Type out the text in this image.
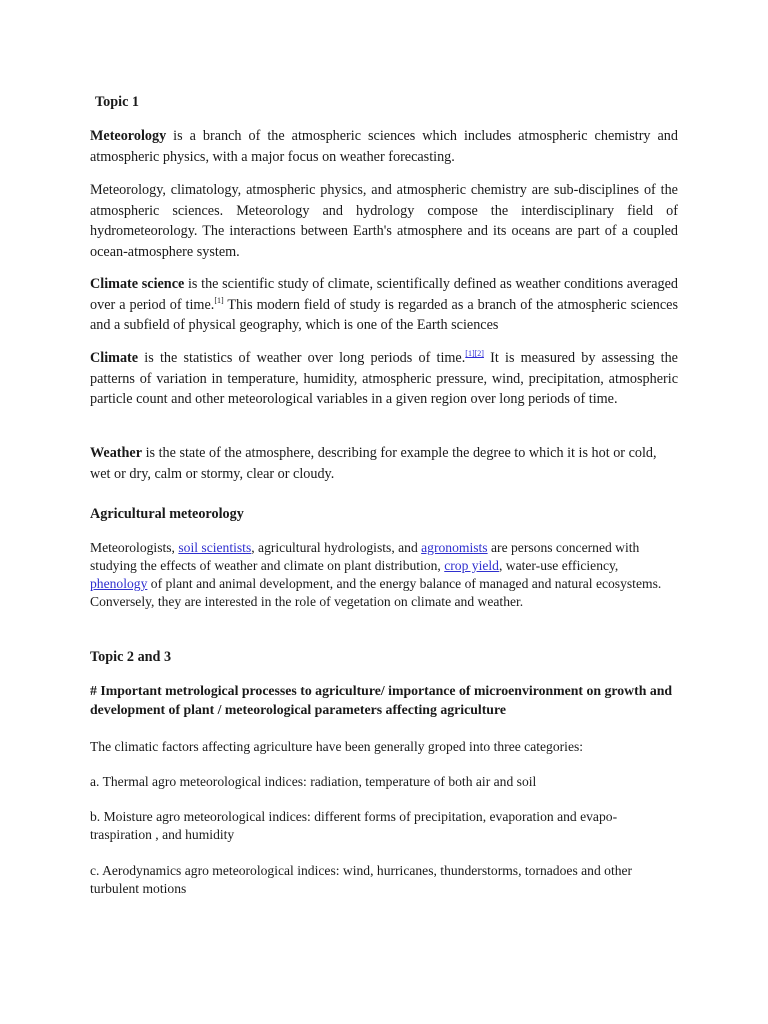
Topic 1

Meteorology is a branch of the atmospheric sciences which includes atmospheric chemistry and atmospheric physics, with a major focus on weather forecasting.

Meteorology, climatology, atmospheric physics, and atmospheric chemistry are sub-disciplines of the atmospheric sciences. Meteorology and hydrology compose the interdisciplinary field of hydrometeorology. The interactions between Earth's atmosphere and its oceans are part of a coupled ocean-atmosphere system.

Climate science is the scientific study of climate, scientifically defined as weather conditions averaged over a period of time.[1] This modern field of study is regarded as a branch of the atmospheric sciences and a subfield of physical geography, which is one of the Earth sciences

Climate is the statistics of weather over long periods of time.[1][2] It is measured by assessing the patterns of variation in temperature, humidity, atmospheric pressure, wind, precipitation, atmospheric particle count and other meteorological variables in a given region over long periods of time.

Weather is the state of the atmosphere, describing for example the degree to which it is hot or cold, wet or dry, calm or stormy, clear or cloudy.

Agricultural meteorology

Meteorologists, soil scientists, agricultural hydrologists, and agronomists are persons concerned with studying the effects of weather and climate on plant distribution, crop yield, water-use efficiency, phenology of plant and animal development, and the energy balance of managed and natural ecosystems. Conversely, they are interested in the role of vegetation on climate and weather.

Topic 2 and 3

# Important metrological processes to agriculture/ importance of microenvironment on growth and development of plant / meteorological parameters affecting agriculture

The climatic factors affecting agriculture have been generally groped into three categories:

a. Thermal agro meteorological indices: radiation, temperature of both air and soil

b. Moisture agro meteorological indices: different forms of precipitation, evaporation and evapo-traspiration , and humidity

c. Aerodynamics agro meteorological indices: wind, hurricanes, thunderstorms, tornadoes and other turbulent motions
